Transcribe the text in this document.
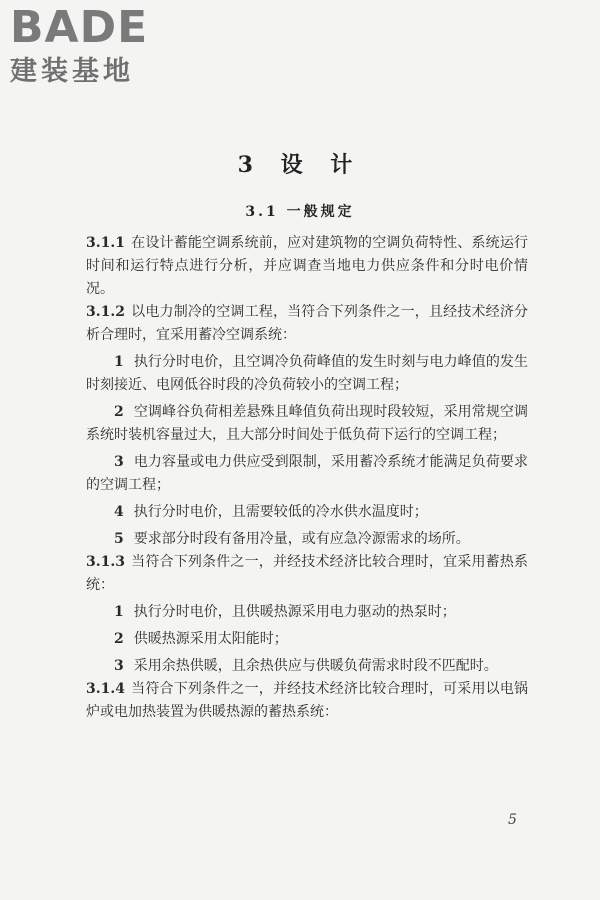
BADE
建装基地
3 设 计
3.1 一般规定

3.1.1 在设计蓄能空调系统前，应对建筑物的空调负荷特性、系统运行时间和运行特点进行分析，并应调查当地电力供应条件和分时电价情况。

3.1.2 以电力制冷的空调工程，当符合下列条件之一，且经技术经济分析合理时，宜采用蓄冷空调系统：

1 执行分时电价，且空调冷负荷峰值的发生时刻与电力峰值的发生时刻接近、电网低谷时段的冷负荷较小的空调工程；

2 空调峰谷负荷相差悬殊且峰值负荷出现时段较短，采用常规空调系统时装机容量过大，且大部分时间处于低负荷下运行的空调工程；

3 电力容量或电力供应受到限制，采用蓄冷系统才能满足负荷要求的空调工程；

4 执行分时电价，且需要较低的冷水供水温度时；

5 要求部分时段有备用冷量，或有应急冷源需求的场所。

3.1.3 当符合下列条件之一，并经技术经济比较合理时，宜采用蓄热系统：

1 执行分时电价，且供暖热源采用电力驱动的热泵时；

2 供暖热源采用太阳能时；

3 采用余热供暖，且余热供应与供暖负荷需求时段不匹配时。

3.1.4 当符合下列条件之一，并经技术经济比较合理时，可采用以电锅炉或电加热装置为供暖热源的蓄热系统：

5
